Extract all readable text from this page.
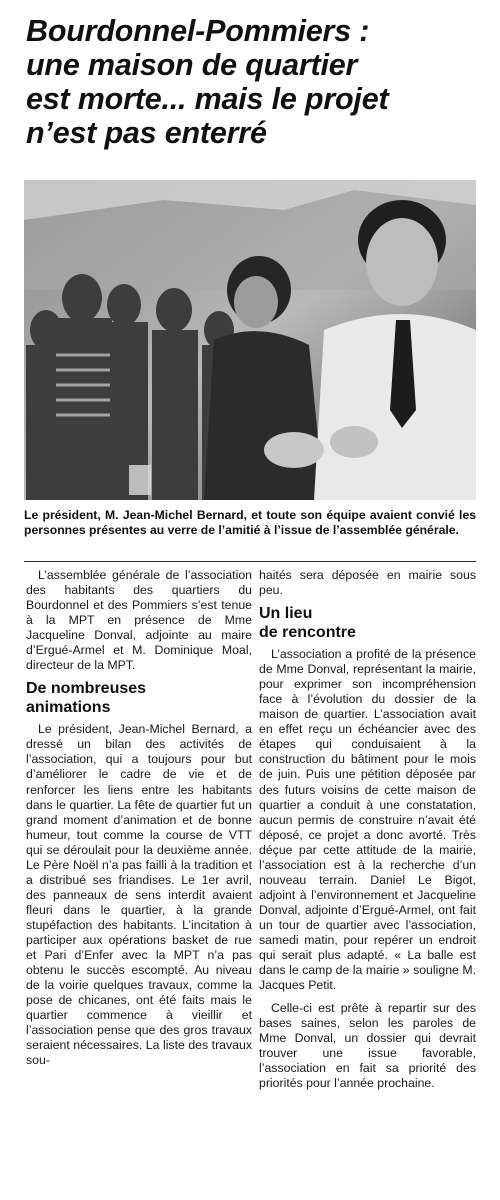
Bourdonnel-Pommiers :
une maison de quartier
est morte... mais le projet
n’est pas enterré
Le président, M. Jean-Michel Bernard, et toute son équipe avaient convié les personnes présentes au verre de l’amitié à l’issue de l’assemblée générale.

L’assemblée générale de l’association des habitants des quartiers du Bourdonnel et des Pommiers s’est tenue à la MPT en présence de Mme Jacqueline Donval, adjointe au maire d’Ergué-Armel et M. Dominique Moal, directeur de la MPT.

De nombreuses
animations

Le président, Jean-Michel Bernard, a dressé un bilan des activités de l’association, qui a toujours pour but d’améliorer le cadre de vie et de renforcer les liens entre les habitants dans le quartier. La fête de quartier fut un grand moment d’animation et de bonne humeur, tout comme la course de VTT qui se déroulait pour la deuxième année. Le Père Noël n’a pas failli à la tradition et a distribué ses friandises. Le 1er avril, des panneaux de sens interdit avaient fleuri dans le quartier, à la grande stupéfaction des habitants. L’incitation à participer aux opérations basket de rue et Pari d’Enfer avec la MPT n’a pas obtenu le succès escompté. Au niveau de la voirie quelques travaux, comme la pose de chicanes, ont été faits mais le quartier commence à vieillir et l’association pense que des gros travaux seraient nécessaires. La liste des travaux sou-

haités sera déposée en mairie sous peu.

Un lieu
de rencontre

L’association a profité de la présence de Mme Donval, représentant la mairie, pour exprimer son incompréhension face à l’évolution du dossier de la maison de quartier. L’association avait en effet reçu un échéancier avec des étapes qui conduisaient à la construction du bâtiment pour le mois de juin. Puis une pétition déposée par des futurs voisins de cette maison de quartier a conduit à une constatation, aucun permis de construire n’avait été déposé, ce projet a donc avorté. Très déçue par cette attitude de la mairie, l’association est à la recherche d’un nouveau terrain. Daniel Le Bigot, adjoint à l’environnement et Jacqueline Donval, adjointe d’Ergué-Armel, ont fait un tour de quartier avec l’association, samedi matin, pour repérer un endroit qui serait plus adapté. « La balle est dans le camp de la mairie » souligne M. Jacques Petit.

Celle-ci est prête à repartir sur des bases saines, selon les paroles de Mme Donval, un dossier qui devrait trouver une issue favorable, l’association en fait sa priorité des priorités pour l’année prochaine.
